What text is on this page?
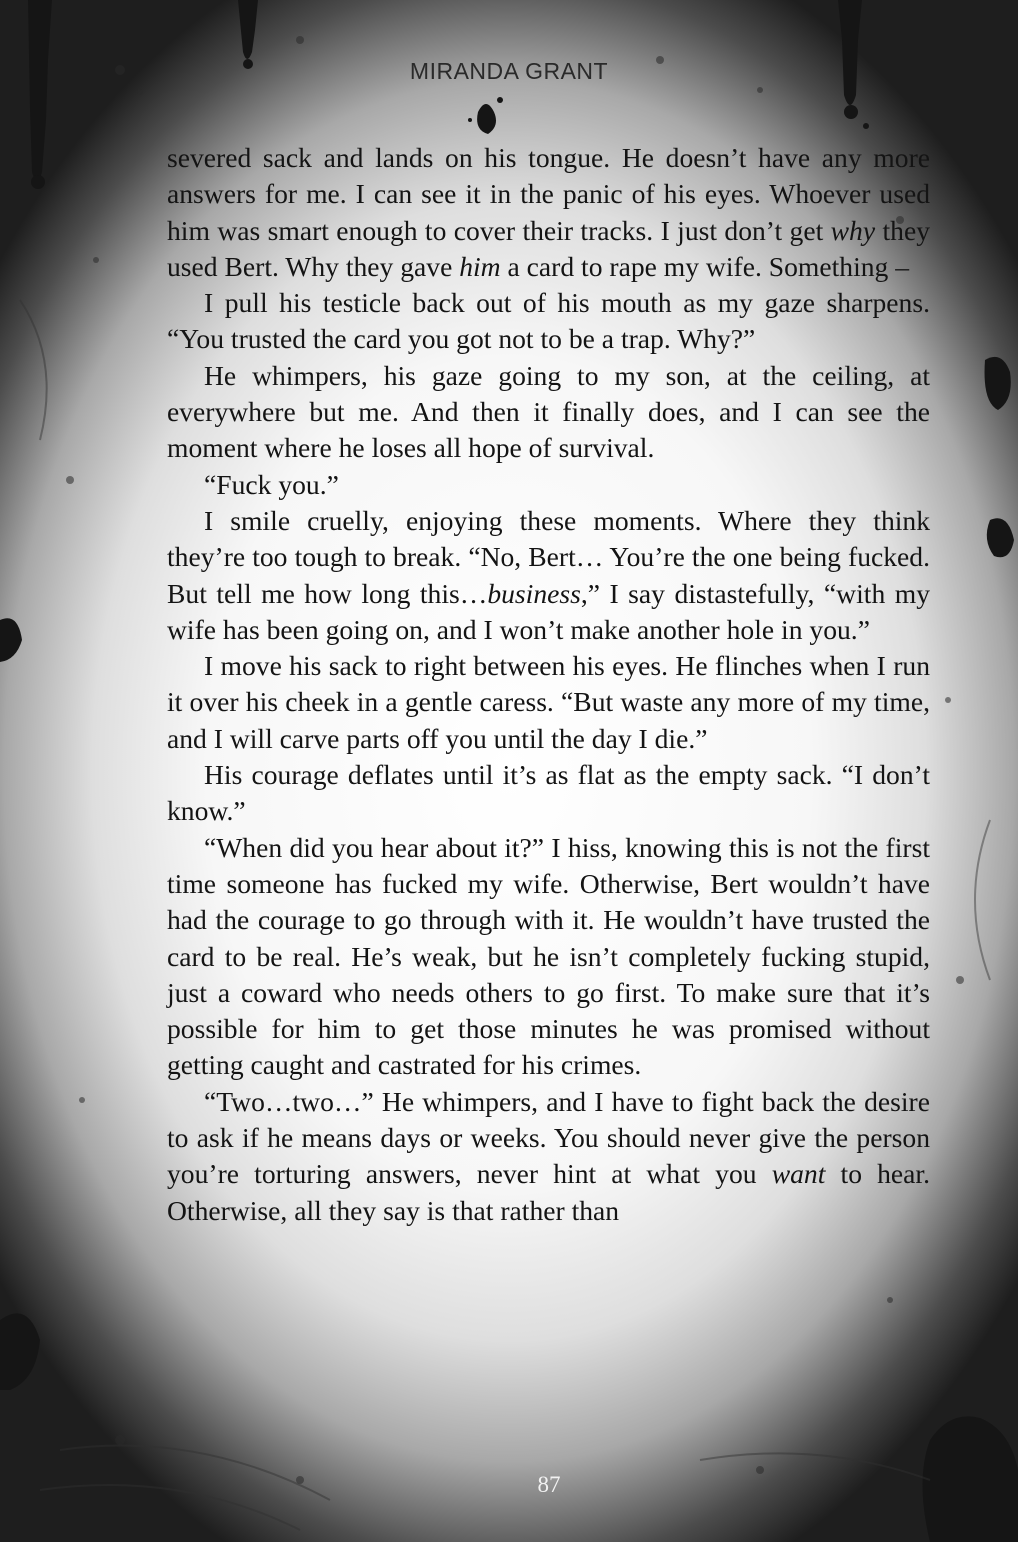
MIRANDA GRANT

severed sack and lands on his tongue. He doesn’t have any more answers for me. I can see it in the panic of his eyes. Whoever used him was smart enough to cover their tracks. I just don’t get why they used Bert. Why they gave him a card to rape my wife. Something –

I pull his testicle back out of his mouth as my gaze sharpens. “You trusted the card you got not to be a trap. Why?”

He whimpers, his gaze going to my son, at the ceiling, at everywhere but me. And then it finally does, and I can see the moment where he loses all hope of survival.

“Fuck you.”

I smile cruelly, enjoying these moments. Where they think they’re too tough to break. “No, Bert… You’re the one being fucked. But tell me how long this…business,” I say distastefully, “with my wife has been going on, and I won’t make another hole in you.”

I move his sack to right between his eyes. He flinches when I run it over his cheek in a gentle caress. “But waste any more of my time, and I will carve parts off you until the day I die.”

His courage deflates until it’s as flat as the empty sack. “I don’t know.”

“When did you hear about it?” I hiss, knowing this is not the first time someone has fucked my wife. Otherwise, Bert wouldn’t have had the courage to go through with it. He wouldn’t have trusted the card to be real. He’s weak, but he isn’t completely fucking stupid, just a coward who needs others to go first. To make sure that it’s possible for him to get those minutes he was promised without getting caught and castrated for his crimes.

“Two…two…” He whimpers, and I have to fight back the desire to ask if he means days or weeks. You should never give the person you’re torturing answers, never hint at what you want to hear. Otherwise, all they say is that rather than

87
